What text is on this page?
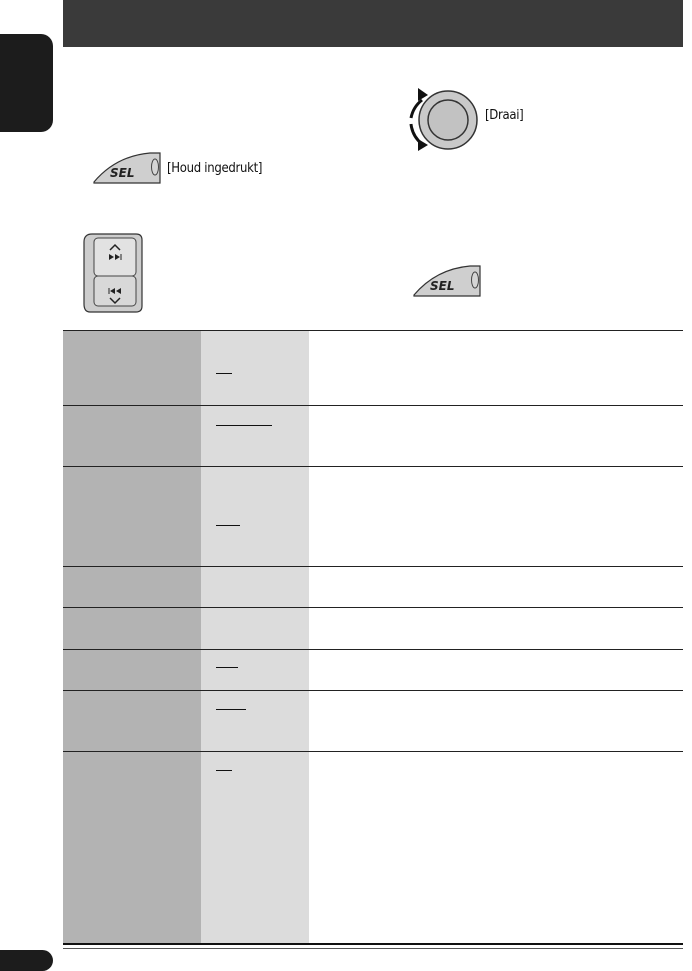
[Draai]
SEL	[Houd ingedrukt]
SEL
